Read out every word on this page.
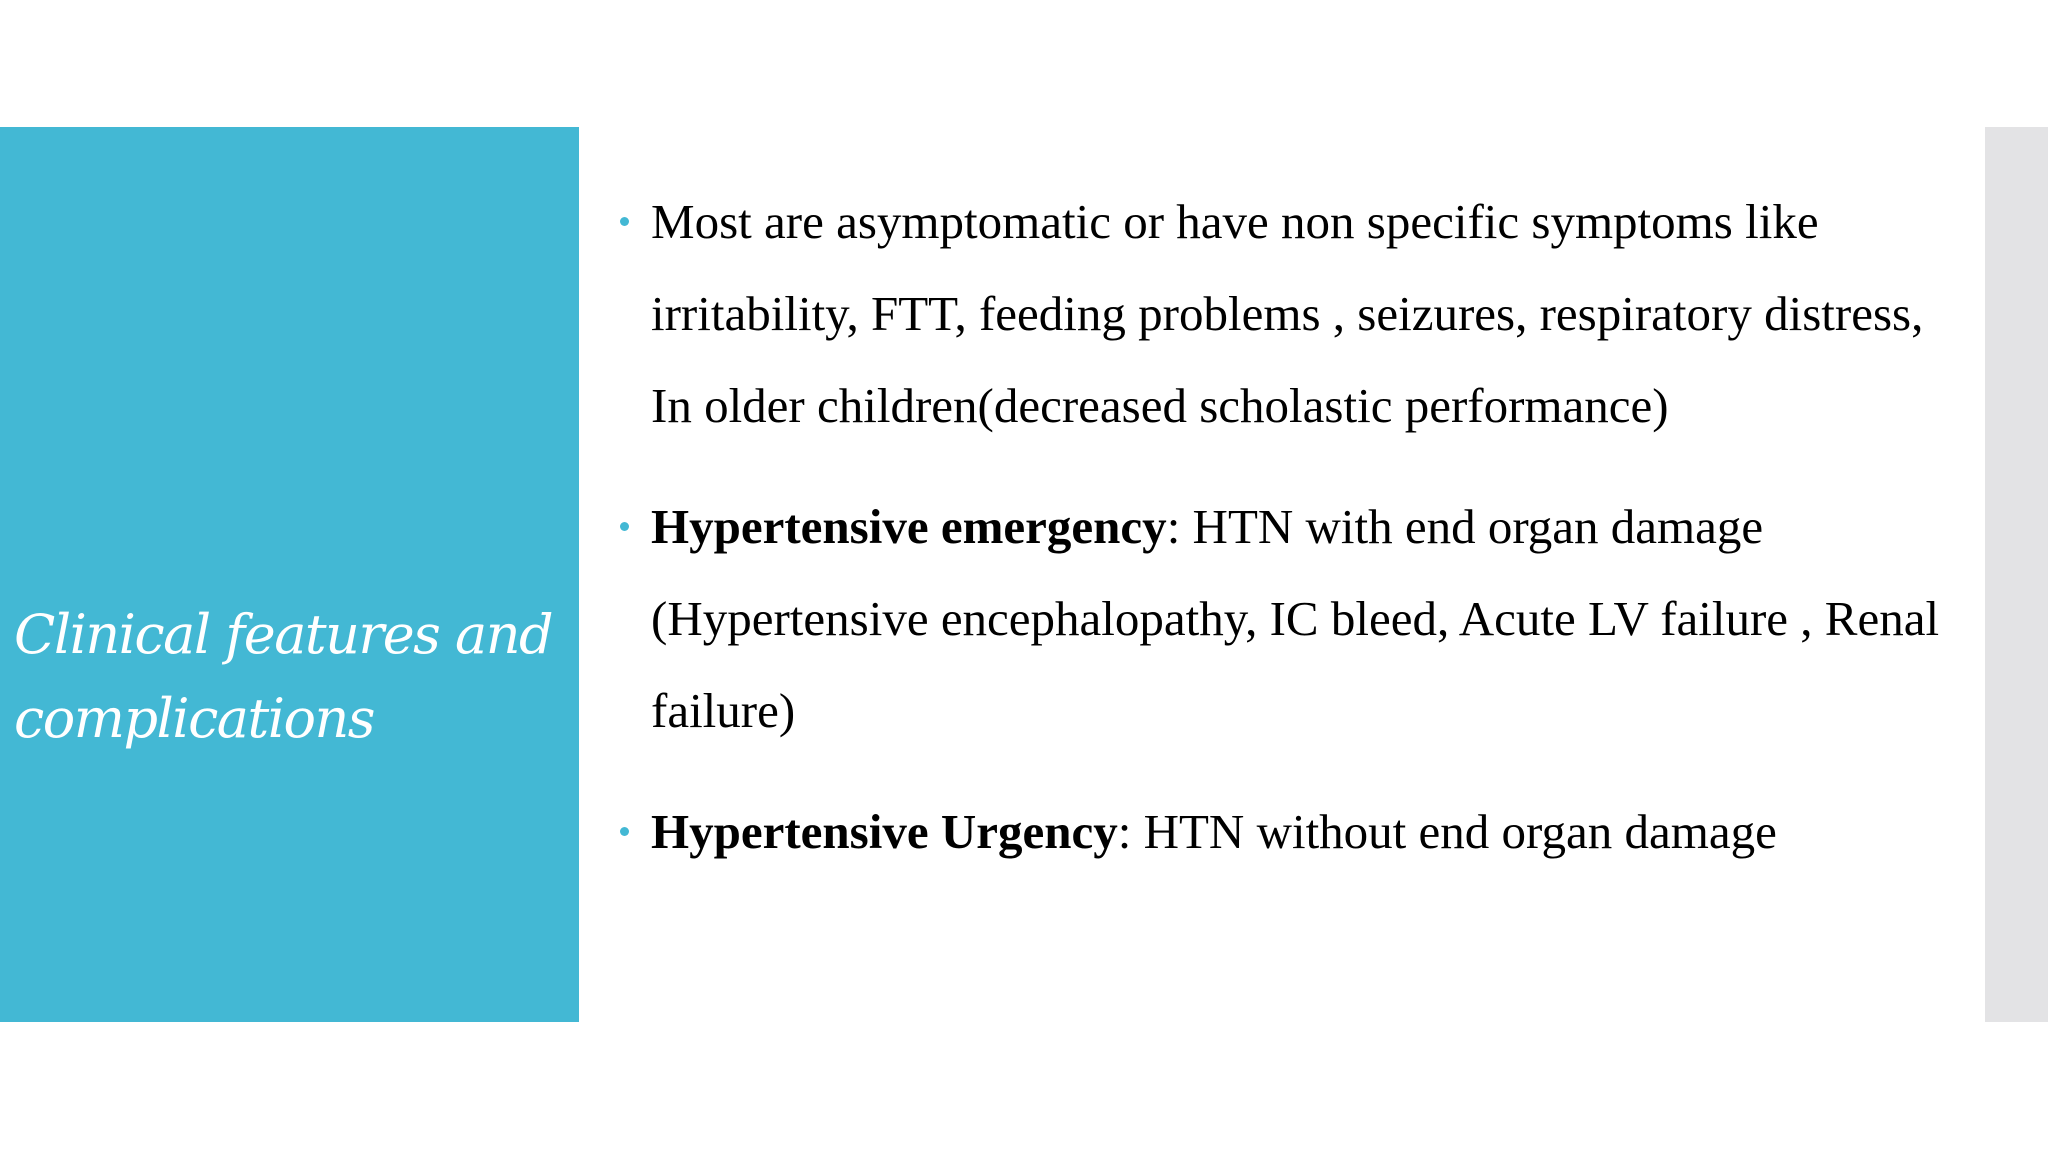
Clinical features and complications
Most are asymptomatic or have non specific symptoms like irritability, FTT, feeding problems , seizures, respiratory distress, In older children(decreased scholastic performance)
Hypertensive emergency: HTN with end organ damage (Hypertensive encephalopathy, IC bleed, Acute LV failure , Renal failure)
Hypertensive Urgency: HTN without end organ damage
